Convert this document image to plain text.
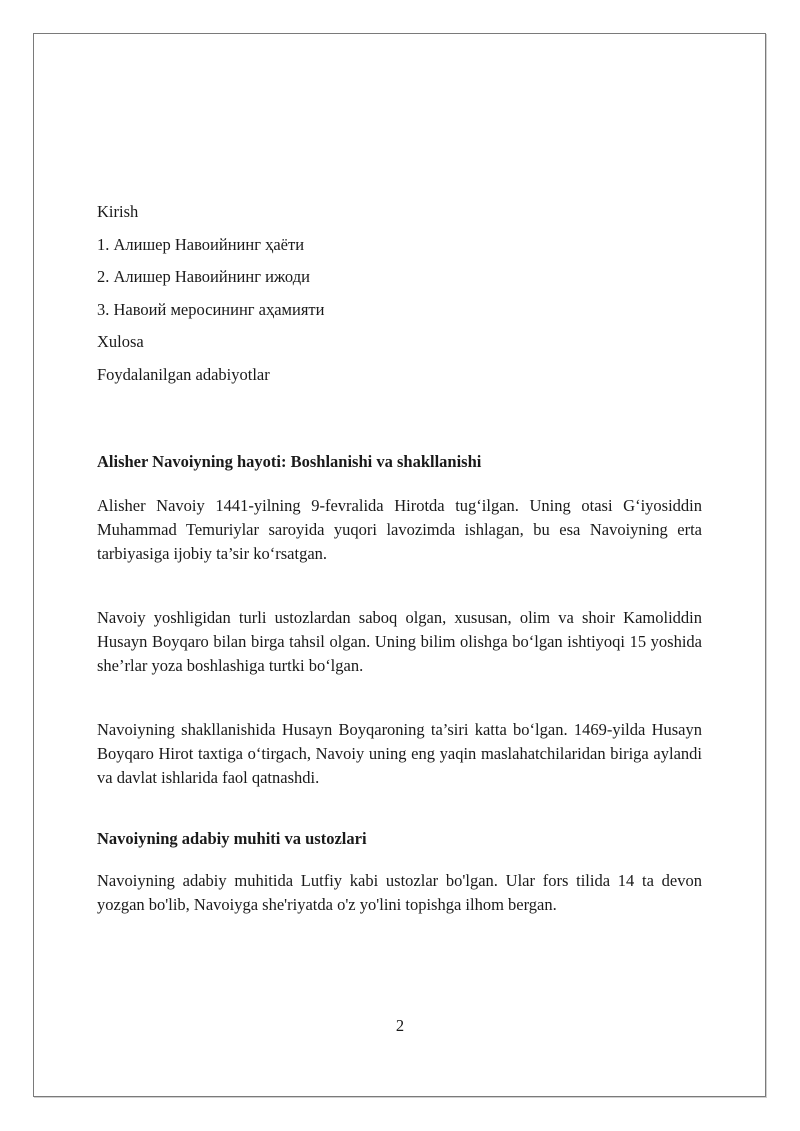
Kirish
1. Алишер Навоийнинг ҳаёти
2. Алишер Навоийнинг ижоди
3. Навоий меросининг аҳамияти
Xulosa
Foydalanilgan adabiyotlar
Alisher Navoiyning hayoti: Boshlanishi va shakllanishi

Alisher Navoiy 1441-yilning 9-fevralida Hirotda tug‘ilgan. Uning otasi G‘iyosiddin Muhammad Temuriylar saroyida yuqori lavozimda ishlagan, bu esa Navoiyning erta tarbiyasiga ijobiy ta’sir ko‘rsatgan.

Navoiy yoshligidan turli ustozlardan saboq olgan, xususan, olim va shoir Kamoliddin Husayn Boyqaro bilan birga tahsil olgan. Uning bilim olishga bo‘lgan ishtiyoqi 15 yoshida she’rlar yoza boshlashiga turtki bo‘lgan.

Navoiyning shakllanishida Husayn Boyqaroning ta’siri katta bo‘lgan. 1469-yilda Husayn Boyqaro Hirot taxtiga o‘tirgach, Navoiy uning eng yaqin maslahatchilaridan biriga aylandi va davlat ishlarida faol qatnashdi.

Navoiyning adabiy muhiti va ustozlari

Navoiyning adabiy muhitida Lutfiy kabi ustozlar bo'lgan. Ular fors tilida 14 ta devon yozgan bo'lib, Navoiyga she'riyatda o'z yo'lini topishga ilhom bergan.

2
